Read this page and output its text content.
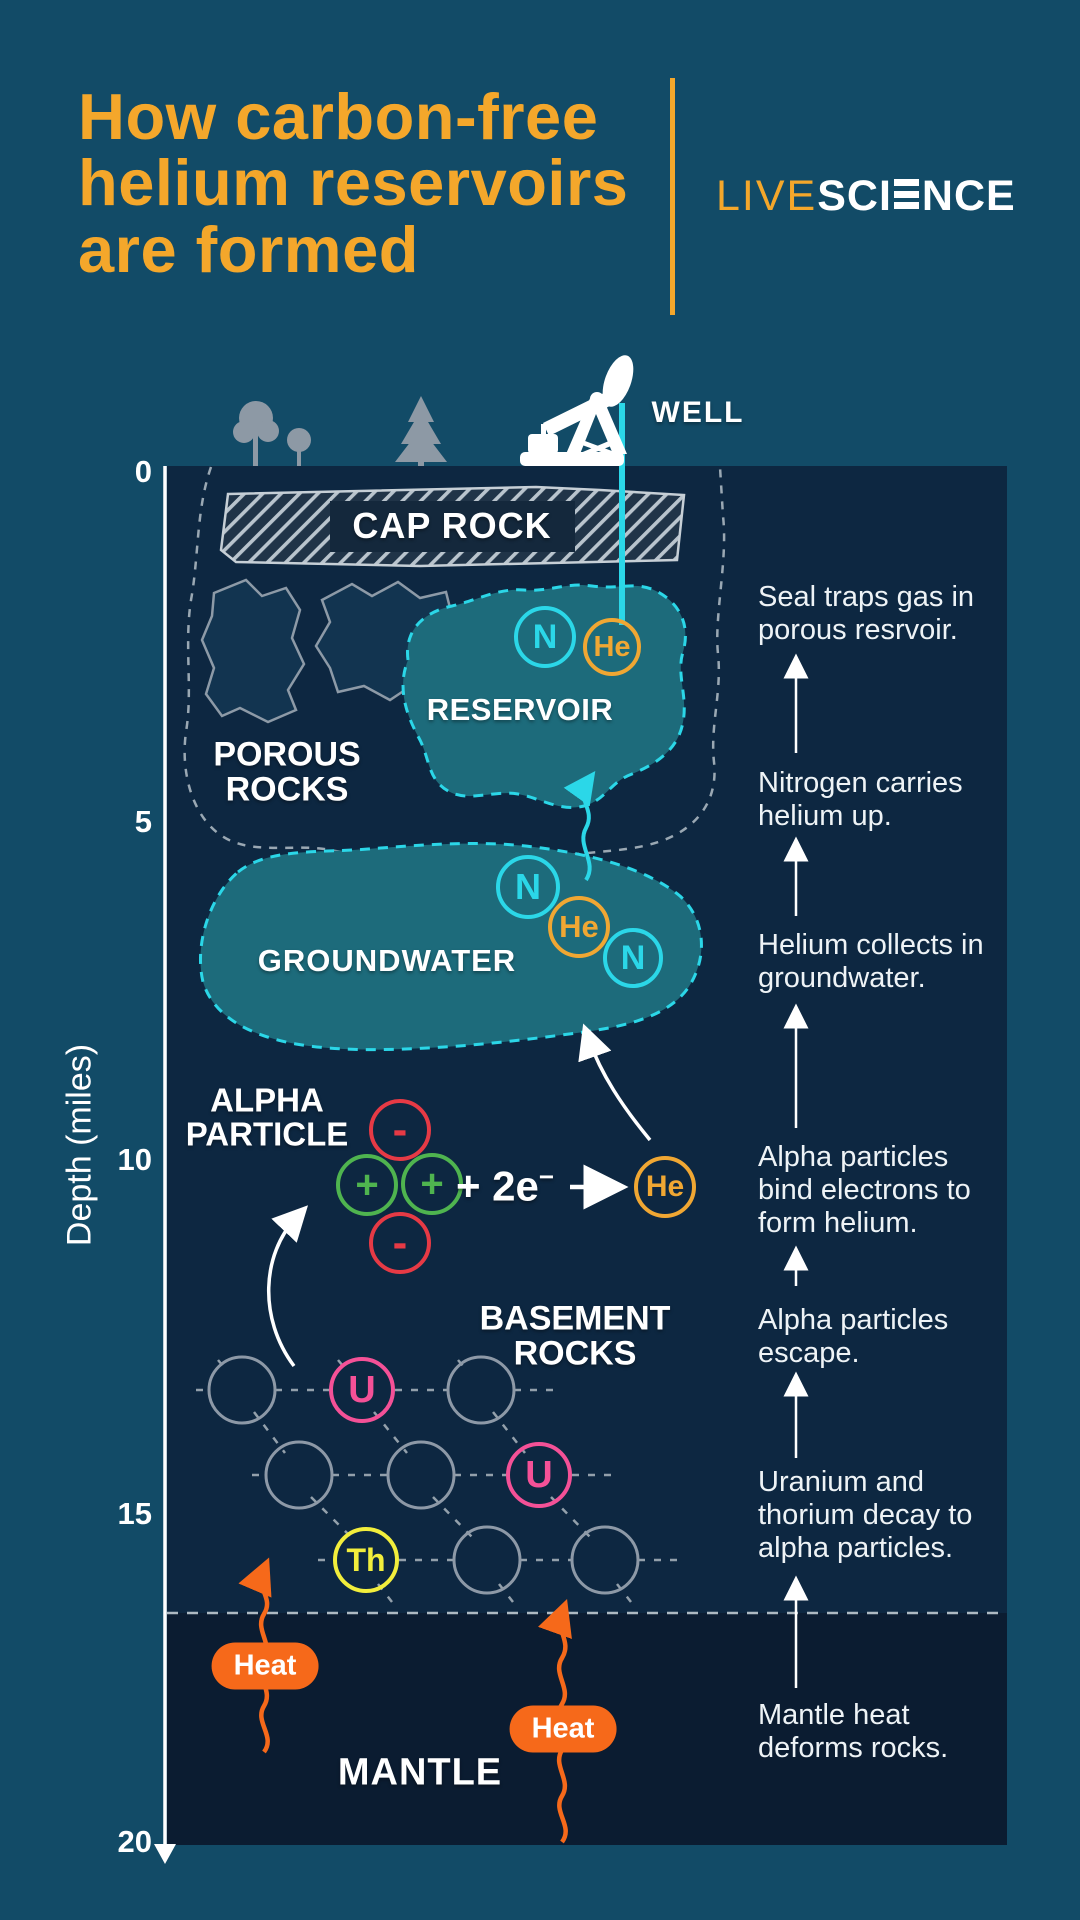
How carbon-free
helium reservoirs
are formed
LIVE SCI NCE
Depth (miles)
0
5
10
15
20
WELL
CAP ROCK
POROUS
ROCKS
RESERVOIR
GROUNDWATER
ALPHA
PARTICLE
BASEMENT
ROCKS
MANTLE
N	He
N
He
N
-
+	+
-
+ 2e−	He
U
U
Th
Heat
Heat
Seal traps gas in
porous resrvoir.
Nitrogen carries
helium up.
Helium collects in
groundwater.
Alpha particles
bind electrons to
form helium.
Alpha particles
escape.
Uranium and
thorium decay to
alpha particles.
Mantle heat
deforms rocks.
